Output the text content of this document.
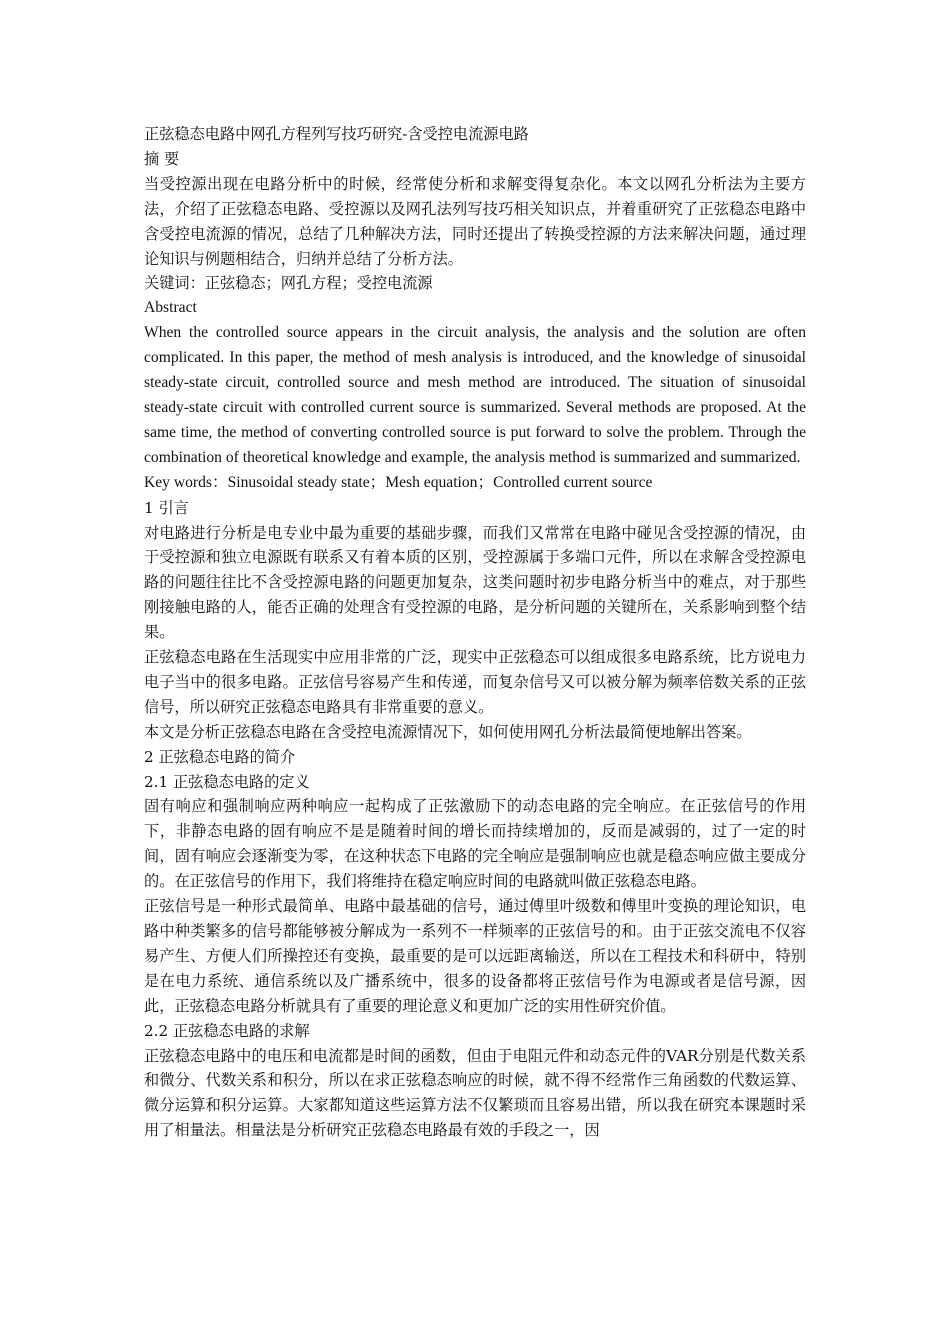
正弦稳态电路中网孔方程列写技巧研究-含受控电流源电路
摘 要
当受控源出现在电路分析中的时候，经常使分析和求解变得复杂化。本文以网孔分析法为主要方法，介绍了正弦稳态电路、受控源以及网孔法列写技巧相关知识点，并着重研究了正弦稳态电路中含受控电流源的情况，总结了几种解决方法，同时还提出了转换受控源的方法来解决问题，通过理论知识与例题相结合，归纳并总结了分析方法。
关键词：正弦稳态；网孔方程；受控电流源
Abstract
When the controlled source appears in the circuit analysis, the analysis and the solution are often complicated. In this paper, the method of mesh analysis is introduced, and the knowledge of sinusoidal steady-state circuit, controlled source and mesh method are introduced. The situation of sinusoidal steady-state circuit with controlled current source is summarized. Several methods are proposed. At the same time, the method of converting controlled source is put forward to solve the problem. Through the combination of theoretical knowledge and example, the analysis method is summarized and summarized.
Key words：Sinusoidal steady state；Mesh equation；Controlled current source
1 引言
对电路进行分析是电专业中最为重要的基础步骤，而我们又常常在电路中碰见含受控源的情况，由于受控源和独立电源既有联系又有着本质的区别，受控源属于多端口元件，所以在求解含受控源电路的问题往往比不含受控源电路的问题更加复杂，这类问题时初步电路分析当中的难点，对于那些刚接触电路的人，能否正确的处理含有受控源的电路，是分析问题的关键所在，关系影响到整个结果。
正弦稳态电路在生活现实中应用非常的广泛，现实中正弦稳态可以组成很多电路系统，比方说电力电子当中的很多电路。正弦信号容易产生和传递，而复杂信号又可以被分解为频率倍数关系的正弦信号，所以研究正弦稳态电路具有非常重要的意义。
本文是分析正弦稳态电路在含受控电流源情况下，如何使用网孔分析法最简便地解出答案。
2 正弦稳态电路的简介
2.1 正弦稳态电路的定义
固有响应和强制响应两种响应一起构成了正弦激励下的动态电路的完全响应。在正弦信号的作用下，非静态电路的固有响应不是是随着时间的增长而持续增加的，反而是减弱的，过了一定的时间，固有响应会逐渐变为零，在这种状态下电路的完全响应是强制响应也就是稳态响应做主要成分的。在正弦信号的作用下，我们将维持在稳定响应时间的电路就叫做正弦稳态电路。
正弦信号是一种形式最简单、电路中最基础的信号，通过傅里叶级数和傅里叶变换的理论知识，电路中种类繁多的信号都能够被分解成为一系列不一样频率的正弦信号的和。由于正弦交流电不仅容易产生、方便人们所操控还有变换，最重要的是可以远距离输送，所以在工程技术和科研中，特别是在电力系统、通信系统以及广播系统中，很多的设备都将正弦信号作为电源或者是信号源，因此，正弦稳态电路分析就具有了重要的理论意义和更加广泛的实用性研究价值。
2.2 正弦稳态电路的求解
正弦稳态电路中的电压和电流都是时间的函数，但由于电阻元件和动态元件的VAR分别是代数关系和微分、代数关系和积分，所以在求正弦稳态响应的时候，就不得不经常作三角函数的代数运算、微分运算和积分运算。大家都知道这些运算方法不仅繁琐而且容易出错，所以我在研究本课题时采用了相量法。相量法是分析研究正弦稳态电路最有效的手段之一，因
